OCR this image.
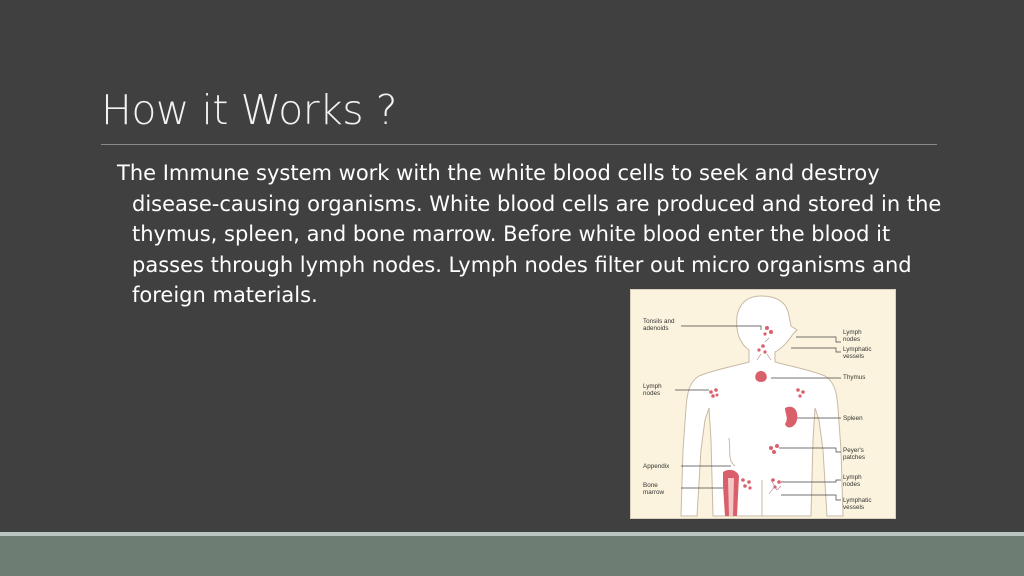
How it Works ?
The Immune system work with the white blood cells to seek and destroy disease-causing organisms. White blood cells are produced and stored in the thymus, spleen, and bone marrow. Before white blood enter the blood it passes through lymph nodes. Lymph nodes filter out micro organisms and foreign materials.
Tonsils and adenoids
Lymph nodes
Appendix
Bone marrow
Lymph nodes
Lymphatic vessels
Thymus
Spleen
Peyer's patches
Lymph nodes
Lymphatic vessels
